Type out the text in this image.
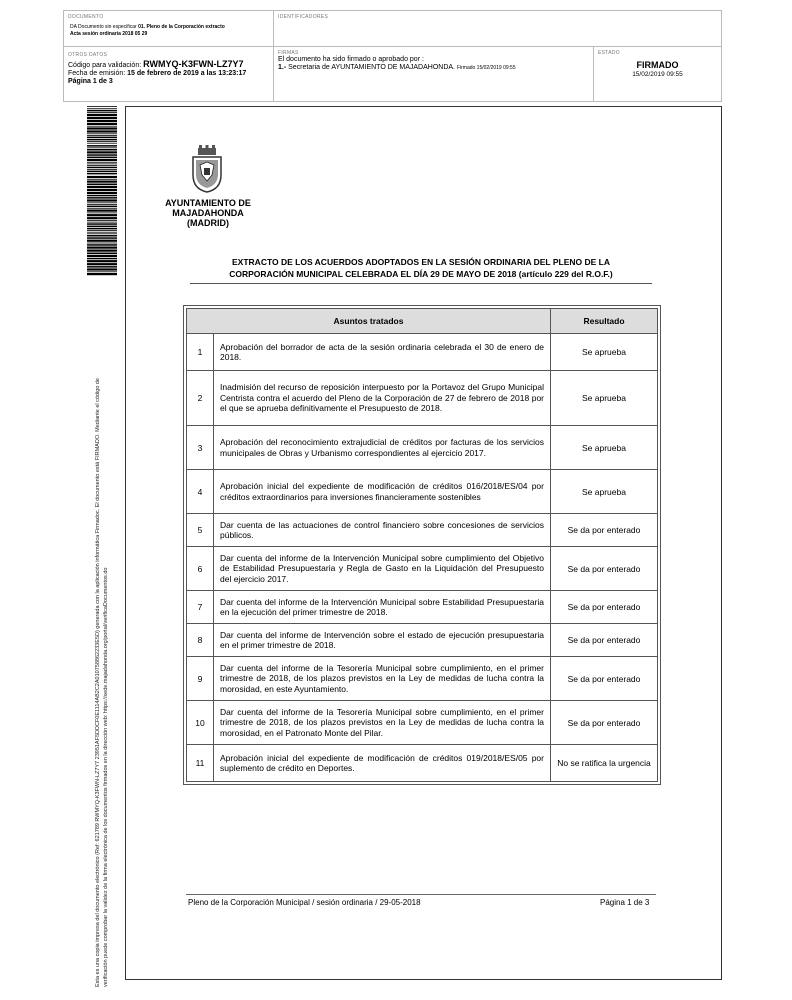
DOCUMENTO
DA Documento sin especificar 01. Pleno de la Corporación extracto
Acta sesión ordinaria 2018 05 29
IDENTIFICADORES
OTROS DATOS
Código para validación: RWMYQ-K3FWN-LZ7Y7
Fecha de emisión: 15 de febrero de 2019 a las 13:23:17
Página 1 de 3
FIRMAS
El documento ha sido firmado o aprobado por :
1.- Secretaria de AYUNTAMIENTO DE MAJADAHONDA. Firmado 15/02/2019 09:55
ESTADO
FIRMADO
15/02/2019 09:55
Esta es una copia impresa del documento electrónico (Ref: 621789 RWMYQ-K3FWN-LZ7Y7 23951AF5DDCF0E1114AB2C2A010758862233E5D) generada con la aplicación informática Firmadoc. El documento está FIRMADO. Mediante el código de verificación puede comprobar la validez de la firma electrónica de los documentos firmados en la dirección web: https://sede.majadahonda.org/portal/verificaDocumentos.do
AYUNTAMIENTO DE
MAJADAHONDA
(MADRID)
EXTRACTO DE LOS ACUERDOS ADOPTADOS EN LA SESIÓN ORDINARIA DEL PLENO DE LA
CORPORACIÓN MUNICIPAL CELEBRADA EL DÍA 29 DE MAYO DE 2018 (artículo 229 del R.O.F.)
Asuntos tratados		Resultado
1	Aprobación del borrador de acta de la sesión ordinaria celebrada el 30 de enero de 2018.	Se aprueba
2	Inadmisión del recurso de reposición interpuesto por la Portavoz del Grupo Municipal Centrista contra el acuerdo del Pleno de la Corporación de 27 de febrero de 2018 por el que se aprueba definitivamente el Presupuesto de 2018.	Se aprueba
3	Aprobación del reconocimiento extrajudicial de créditos por facturas de los servicios municipales de Obras y Urbanismo correspondientes al ejercicio 2017.	Se aprueba
4	Aprobación inicial del expediente de modificación de créditos 016/2018/ES/04 por créditos extraordinarios para inversiones financieramente sostenibles	Se aprueba
5	Dar cuenta de las actuaciones de control financiero sobre concesiones de servicios públicos.	Se da por enterado
6	Dar cuenta del informe de la Intervención Municipal sobre cumplimiento del Objetivo de Estabilidad Presupuestaria y Regla de Gasto en la Liquidación del Presupuesto del ejercicio 2017.	Se da por enterado
7	Dar cuenta del informe de la Intervención Municipal sobre Estabilidad Presupuestaria en la ejecución del primer trimestre de 2018.	Se da por enterado
8	Dar cuenta del informe de Intervención sobre el estado de ejecución presupuestaria en el primer trimestre de 2018.	Se da por enterado
9	Dar cuenta del informe de la Tesorería Municipal sobre cumplimiento, en el primer trimestre de 2018, de los plazos previstos en la Ley de medidas de lucha contra la morosidad, en este Ayuntamiento.	Se da por enterado
10	Dar cuenta del informe de la Tesorería Municipal sobre cumplimiento, en el primer trimestre de 2018, de los plazos previstos en la Ley de medidas de lucha contra la morosidad, en el Patronato Monte del Pilar.	Se da por enterado
11	Aprobación inicial del expediente de modificación de créditos 019/2018/ES/05 por suplemento de crédito en Deportes.	No se ratifica la urgencia
Pleno de la Corporación Municipal / sesión ordinaria / 29-05-2018	Página 1 de 3
